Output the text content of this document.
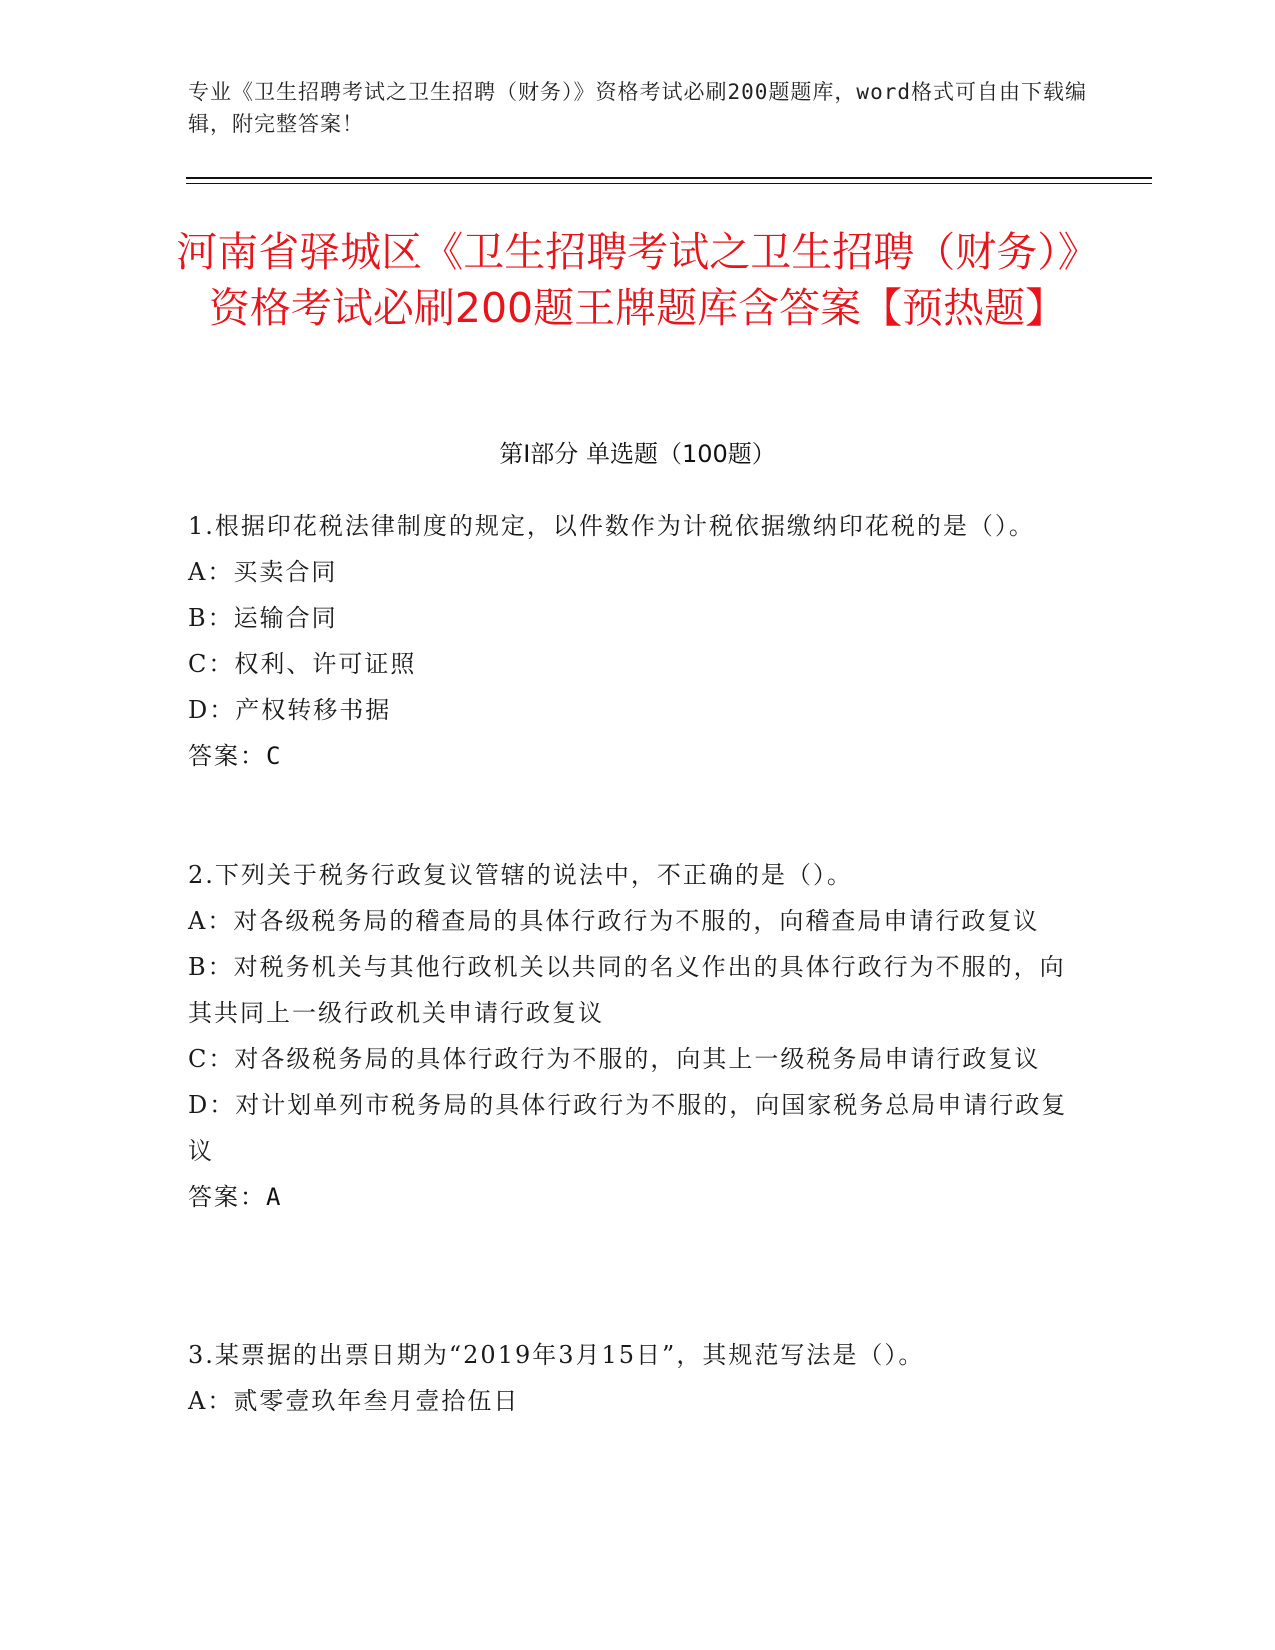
专业《卫生招聘考试之卫生招聘（财务）》资格考试必刷200题题库，word格式可自由下载编辑，附完整答案！
河南省驿城区《卫生招聘考试之卫生招聘（财务）》资格考试必刷200题王牌题库含答案【预热题】
第Ⅰ部分 单选题（100题）

1.根据印花税法律制度的规定，以件数作为计税依据缴纳印花税的是（）。

A：买卖合同

B：运输合同

C：权利、许可证照

D：产权转移书据

答案：C

2.下列关于税务行政复议管辖的说法中，不正确的是（）。

A：对各级税务局的稽查局的具体行政行为不服的，向稽查局申请行政复议

B：对税务机关与其他行政机关以共同的名义作出的具体行政行为不服的，向其共同上一级行政机关申请行政复议

C：对各级税务局的具体行政行为不服的，向其上一级税务局申请行政复议

D：对计划单列市税务局的具体行政行为不服的，向国家税务总局申请行政复议

答案：A

3.某票据的出票日期为“2019年3月15日”，其规范写法是（）。

A：贰零壹玖年叁月壹拾伍日
